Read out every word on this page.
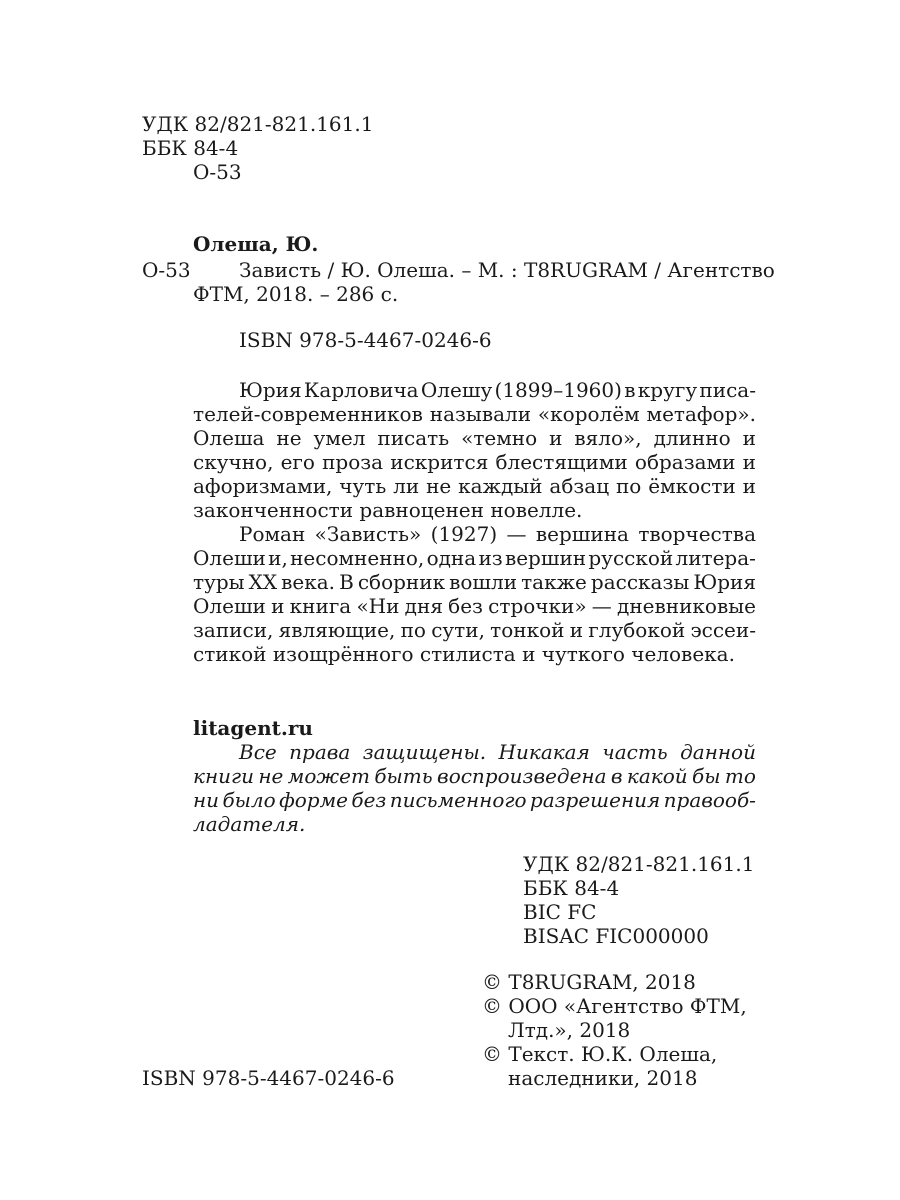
УДК 82/821-821.161.1
ББК 84-4
О-53
Олеша, Ю.
О-53 Зависть / Ю. Олеша. – М. : T8RUGRAM / Агентство
ФТМ, 2018. – 286 с.
ISBN 978-5-4467-0246-6
Юрия Карловича Олешу (1899–1960) в кругу писа-
телей-современников называли «королём метафор».
Олеша не умел писать «темно и вяло», длинно и
скучно, его проза искрится блестящими образами и
афоризмами, чуть ли не каждый абзац по ёмкости и
законченности равноценен новелле.
Роман «Зависть» (1927) — вершина творчества
Олеши и, несомненно, одна из вершин русской литера-
туры XX века. В сборник вошли также рассказы Юрия
Олеши и книга «Ни дня без строчки» — дневниковые
записи, являющие, по сути, тонкой и глубокой эссеи-
стикой изощрённого стилиста и чуткого человека.
litagent.ru
Все права защищены. Никакая часть данной
книги не может быть воспроизведена в какой бы то
ни было форме без письменного разрешения правооб-
ладателя.
УДК 82/821-821.161.1
ББК 84-4
BIC FC
BISAC FIC000000
© T8RUGRAM, 2018
© ООО «Агентство ФТМ,
Лтд.», 2018
© Текст. Ю.К. Олеша,
наследники, 2018
ISBN 978-5-4467-0246-6
